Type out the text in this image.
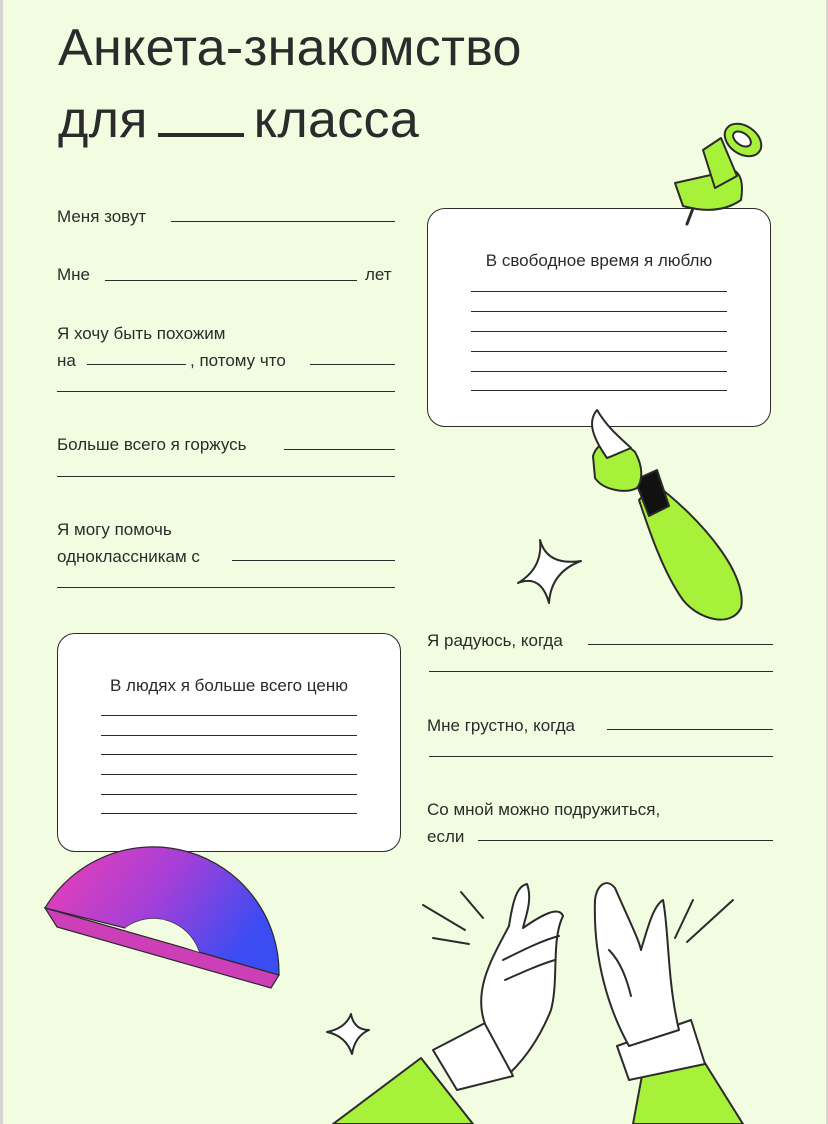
Анкета-знакомство
для класса
Меня зовут
Мне	лет
Я хочу быть похожим
на	, потому что
Больше всего я горжусь
Я могу помочь
одноклассникам с
Я радуюсь, когда
Мне грустно, когда
Со мной можно подружиться,
если
В свободное время я люблю
В людях я больше всего ценю
